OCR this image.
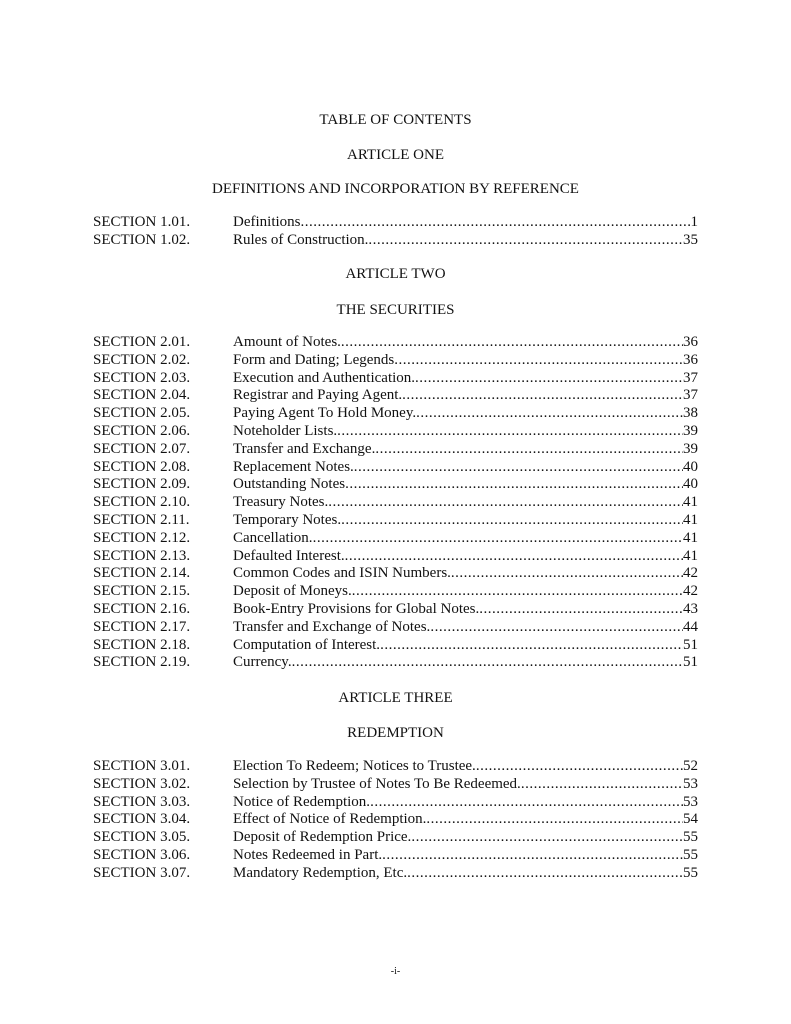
TABLE OF CONTENTS
ARTICLE ONE
DEFINITIONS AND INCORPORATION BY REFERENCE
SECTION 1.01.	Definitions .....	1
SECTION 1.02.	Rules of Construction. .....	35
ARTICLE TWO
THE SECURITIES
SECTION 2.01.	Amount of Notes. .....	36
SECTION 2.02.	Form and Dating; Legends .....	36
SECTION 2.03.	Execution and Authentication. .....	37
SECTION 2.04.	Registrar and Paying Agent. .....	37
SECTION 2.05.	Paying Agent To Hold Money. .....	38
SECTION 2.06.	Noteholder Lists. .....	39
SECTION 2.07.	Transfer and Exchange. .....	39
SECTION 2.08.	Replacement Notes. .....	40
SECTION 2.09.	Outstanding Notes .....	40
SECTION 2.10.	Treasury Notes. .....	41
SECTION 2.11.	Temporary Notes. .....	41
SECTION 2.12.	Cancellation. .....	41
SECTION 2.13.	Defaulted Interest. .....	41
SECTION 2.14.	Common Codes and ISIN Numbers. .....	42
SECTION 2.15.	Deposit of Moneys. .....	42
SECTION 2.16.	Book-Entry Provisions for Global Notes. .....	43
SECTION 2.17.	Transfer and Exchange of Notes. .....	44
SECTION 2.18.	Computation of Interest. .....	51
SECTION 2.19.	Currency. .....	51
ARTICLE THREE
REDEMPTION
SECTION 3.01.	Election To Redeem; Notices to Trustee. .....	52
SECTION 3.02.	Selection by Trustee of Notes To Be Redeemed. .....	53
SECTION 3.03.	Notice of Redemption. .....	53
SECTION 3.04.	Effect of Notice of Redemption. .....	54
SECTION 3.05.	Deposit of Redemption Price. .....	55
SECTION 3.06.	Notes Redeemed in Part. .....	55
SECTION 3.07.	Mandatory Redemption, Etc. .....	55
-i-
